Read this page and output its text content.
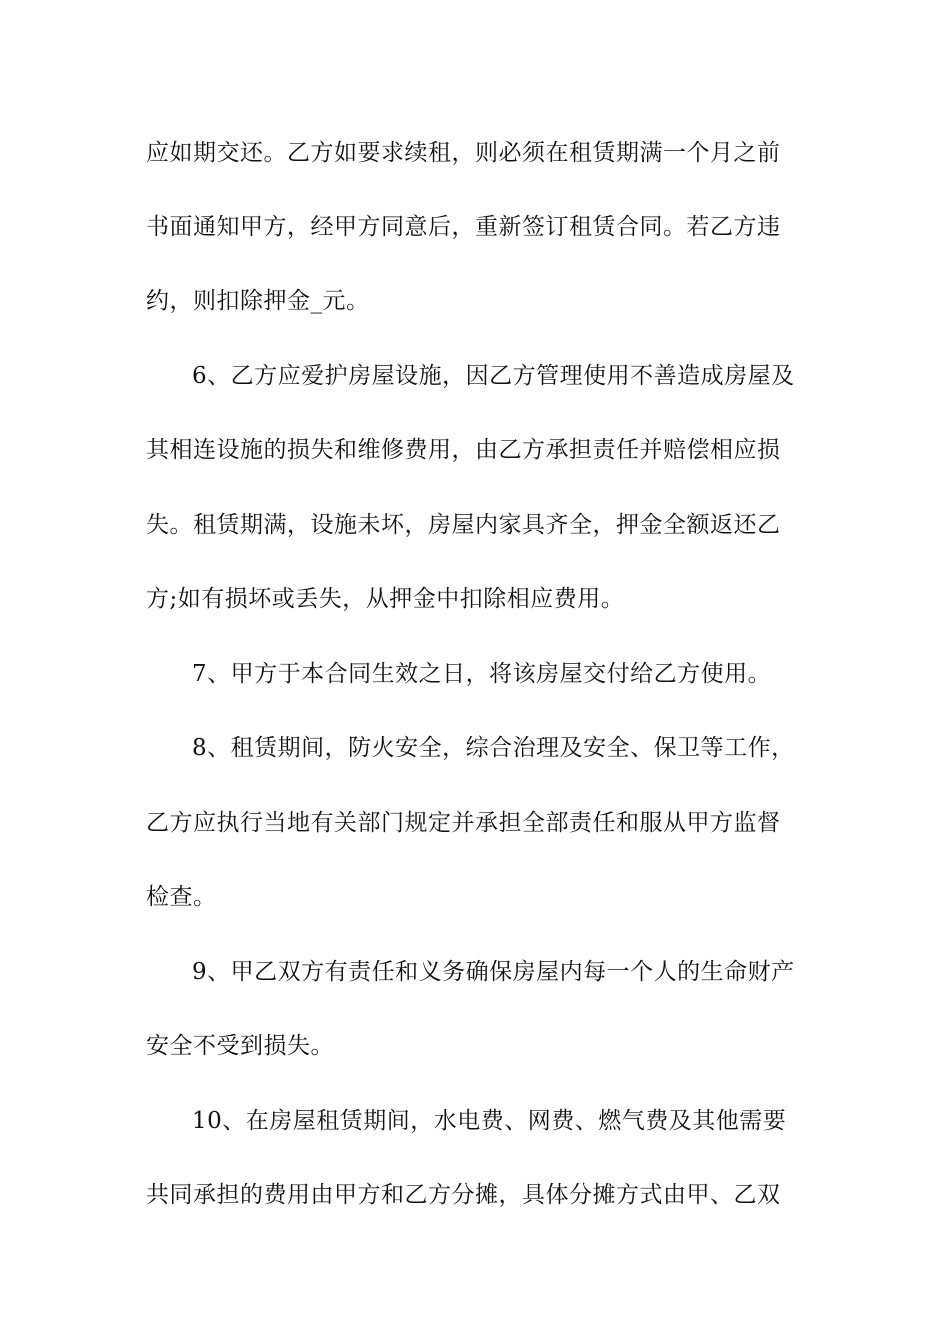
应如期交还。乙方如要求续租，则必须在租赁期满一个月之前
书面通知甲方，经甲方同意后，重新签订租赁合同。若乙方违
约，则扣除押金_元。
6、乙方应爱护房屋设施，因乙方管理使用不善造成房屋及
其相连设施的损失和维修费用，由乙方承担责任并赔偿相应损
失。租赁期满，设施未坏，房屋内家具齐全，押金全额返还乙
方;如有损坏或丢失，从押金中扣除相应费用。
7、甲方于本合同生效之日，将该房屋交付给乙方使用。
8、租赁期间，防火安全，综合治理及安全、保卫等工作，
乙方应执行当地有关部门规定并承担全部责任和服从甲方监督
检查。
9、甲乙双方有责任和义务确保房屋内每一个人的生命财产
安全不受到损失。
10、在房屋租赁期间，水电费、网费、燃气费及其他需要
共同承担的费用由甲方和乙方分摊，具体分摊方式由甲、乙双
